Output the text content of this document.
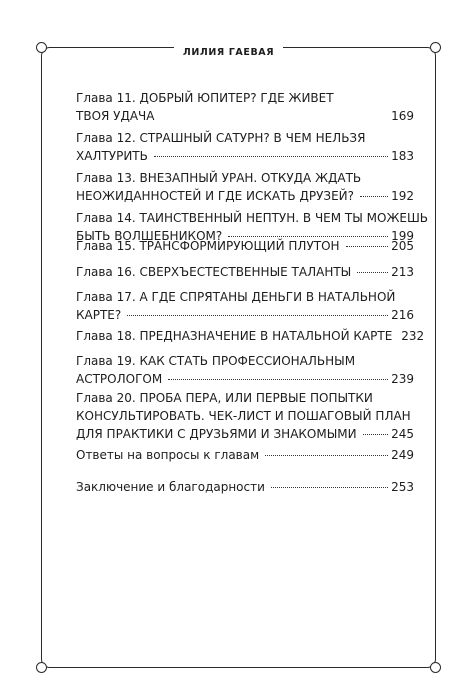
ЛИЛИЯ ГАЕВАЯ
Глава 11. ДОБРЫЙ ЮПИТЕР? ГДЕ ЖИВЕТ
ТВОЯ УДАЧА	169
Глава 12. СТРАШНЫЙ САТУРН? В ЧЕМ НЕЛЬЗЯ
ХАЛТУРИТЬ	183
Глава 13. ВНЕЗАПНЫЙ УРАН. ОТКУДА ЖДАТЬ
НЕОЖИДАННОСТЕЙ И ГДЕ ИСКАТЬ ДРУЗЕЙ?	192
Глава 14. ТАИНСТВЕННЫЙ НЕПТУН. В ЧЕМ ТЫ МОЖЕШЬ
БЫТЬ ВОЛШЕБНИКОМ?	199
Глава 15. ТРАНСФОРМИРУЮЩИЙ ПЛУТОН	205
Глава 16. СВЕРХЪЕСТЕСТВЕННЫЕ ТАЛАНТЫ	213
Глава 17. А ГДЕ СПРЯТАНЫ ДЕНЬГИ В НАТАЛЬНОЙ
КАРТЕ?	216
Глава 18. ПРЕДНАЗНАЧЕНИЕ В НАТАЛЬНОЙ КАРТЕ 232
Глава 19. КАК СТАТЬ ПРОФЕССИОНАЛЬНЫМ
АСТРОЛОГОМ	239
Глава 20. ПРОБА ПЕРА, ИЛИ ПЕРВЫЕ ПОПЫТКИ
КОНСУЛЬТИРОВАТЬ. ЧЕК-ЛИСТ И ПОШАГОВЫЙ ПЛАН
ДЛЯ ПРАКТИКИ С ДРУЗЬЯМИ И ЗНАКОМЫМИ	245
Ответы на вопросы к главам	249
Заключение и благодарности	253
